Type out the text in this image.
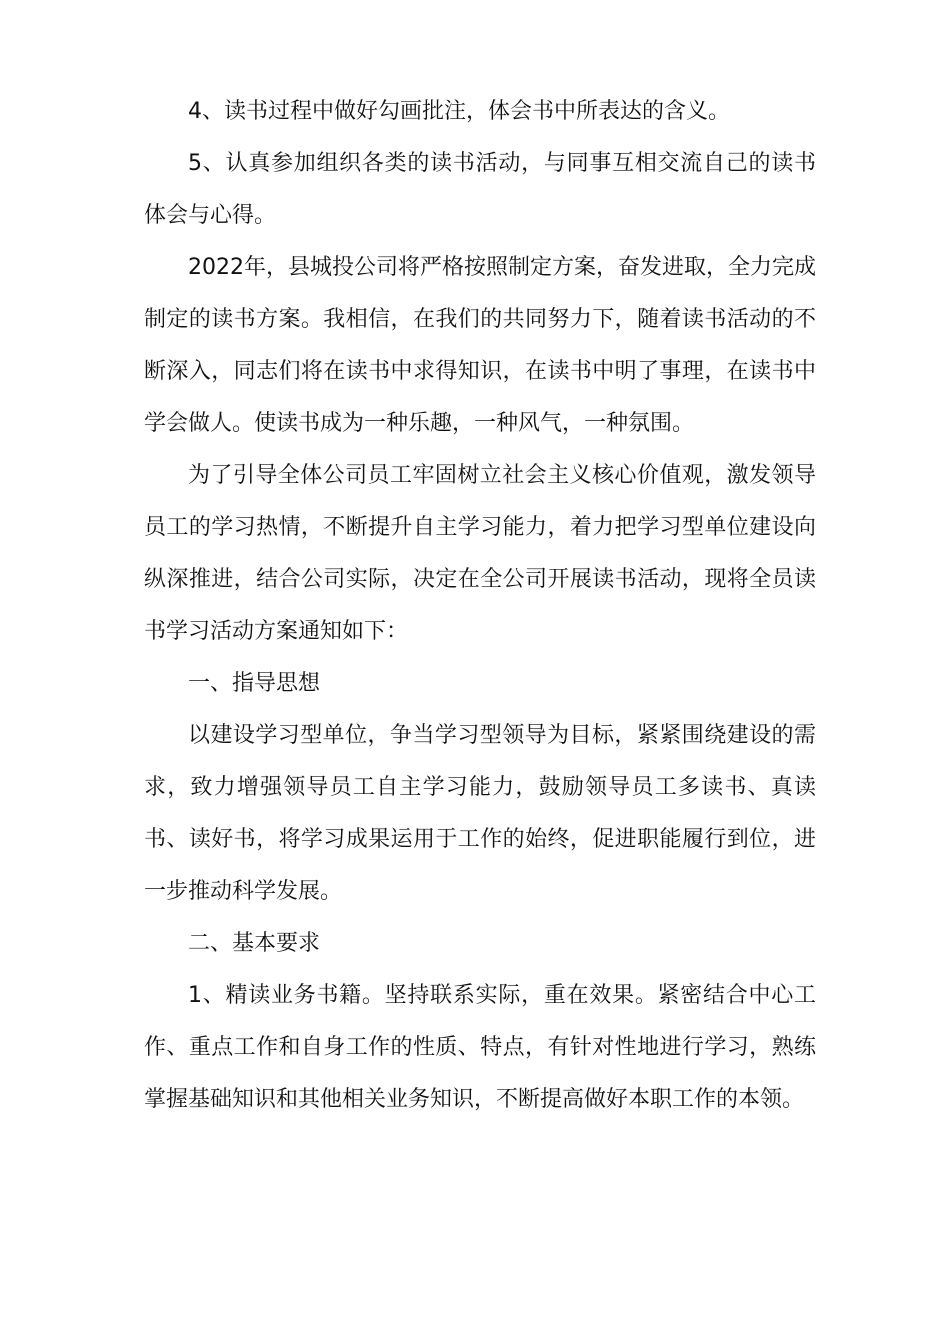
4、读书过程中做好勾画批注，体会书中所表达的含义。

5、认真参加组织各类的读书活动，与同事互相交流自己的读书体会与心得。

2022年，县城投公司将严格按照制定方案，奋发进取，全力完成制定的读书方案。我相信，在我们的共同努力下，随着读书活动的不断深入，同志们将在读书中求得知识，在读书中明了事理，在读书中学会做人。使读书成为一种乐趣，一种风气，一种氛围。

为了引导全体公司员工牢固树立社会主义核心价值观，激发领导员工的学习热情，不断提升自主学习能力，着力把学习型单位建设向纵深推进，结合公司实际，决定在全公司开展读书活动，现将全员读书学习活动方案通知如下：

一、指导思想

以建设学习型单位，争当学习型领导为目标，紧紧围绕建设的需求，致力增强领导员工自主学习能力，鼓励领导员工多读书、真读书、读好书，将学习成果运用于工作的始终，促进职能履行到位，进一步推动科学发展。

二、基本要求

1、精读业务书籍。坚持联系实际，重在效果。紧密结合中心工作、重点工作和自身工作的性质、特点，有针对性地进行学习，熟练掌握基础知识和其他相关业务知识，不断提高做好本职工作的本领。
